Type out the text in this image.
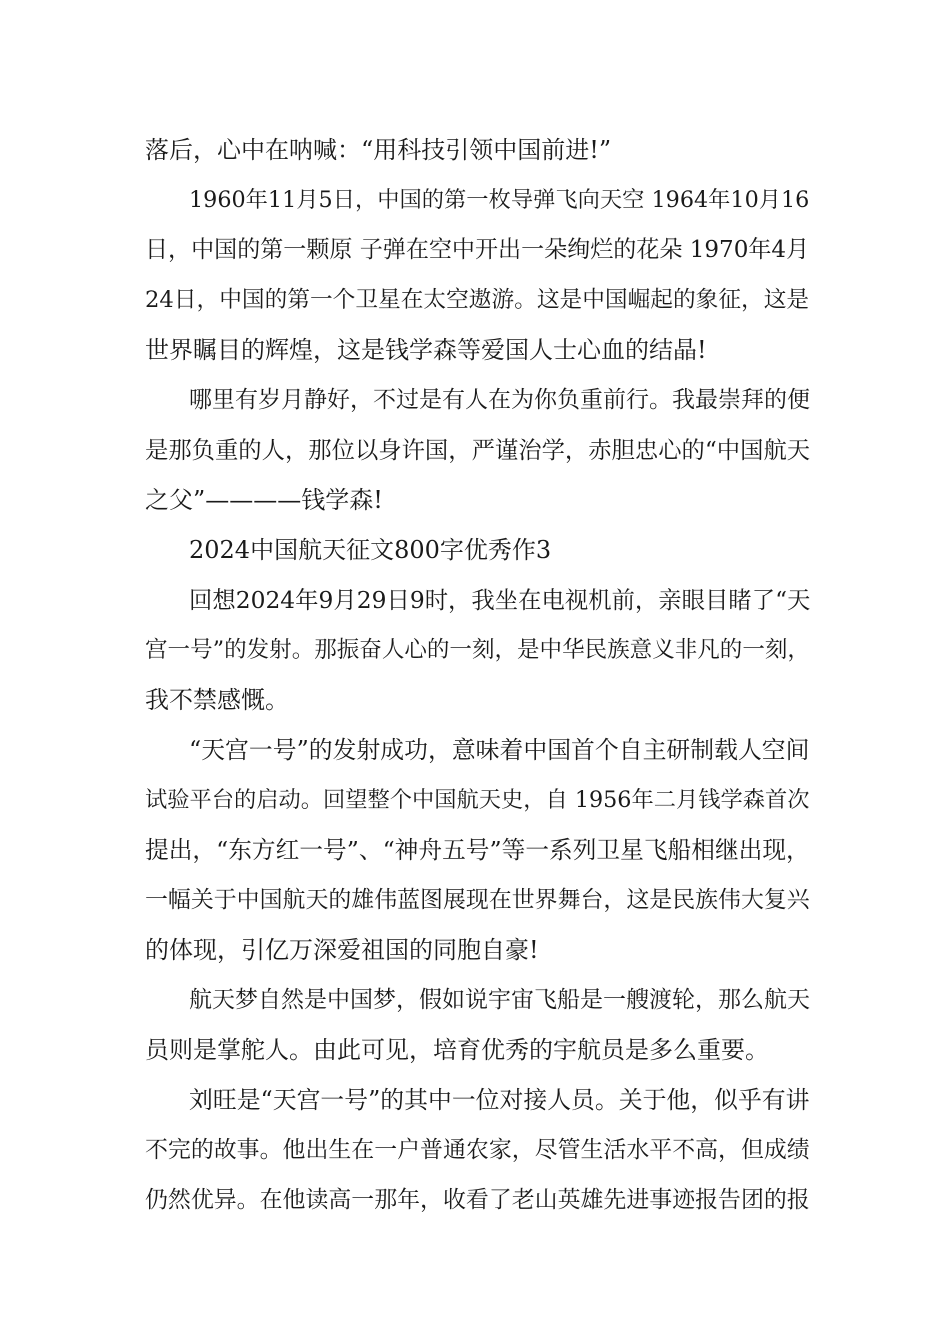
落后，心中在呐喊：“用科技引领中国前进!”

1960年11月5日，中国的第一枚导弹飞向天空 1964年10月16

日，中国的第一颗原 子弹在空中开出一朵绚烂的花朵 1970年4月

24日，中国的第一个卫星在太空遨游。这是中国崛起的象征，这是

世界瞩目的辉煌，这是钱学森等爱国人士心血的结晶!

哪里有岁月静好，不过是有人在为你负重前行。我最崇拜的便

是那负重的人，那位以身许国，严谨治学，赤胆忠心的“中国航天

之父”————钱学森!

2024中国航天征文800字优秀作3

回想2024年9月29日9时，我坐在电视机前，亲眼目睹了“天

宫一号”的发射。那振奋人心的一刻，是中华民族意义非凡的一刻，

我不禁感慨。

“天宫一号”的发射成功，意味着中国首个自主研制载人空间

试验平台的启动。回望整个中国航天史，自 1956年二月钱学森首次

提出，“东方红一号”、“神舟五号”等一系列卫星飞船相继出现，

一幅关于中国航天的雄伟蓝图展现在世界舞台，这是民族伟大复兴

的体现，引亿万深爱祖国的同胞自豪!

航天梦自然是中国梦，假如说宇宙飞船是一艘渡轮，那么航天

员则是掌舵人。由此可见，培育优秀的宇航员是多么重要。

刘旺是“天宫一号”的其中一位对接人员。关于他，似乎有讲

不完的故事。他出生在一户普通农家，尽管生活水平不高，但成绩

仍然优异。在他读高一那年，收看了老山英雄先进事迹报告团的报
